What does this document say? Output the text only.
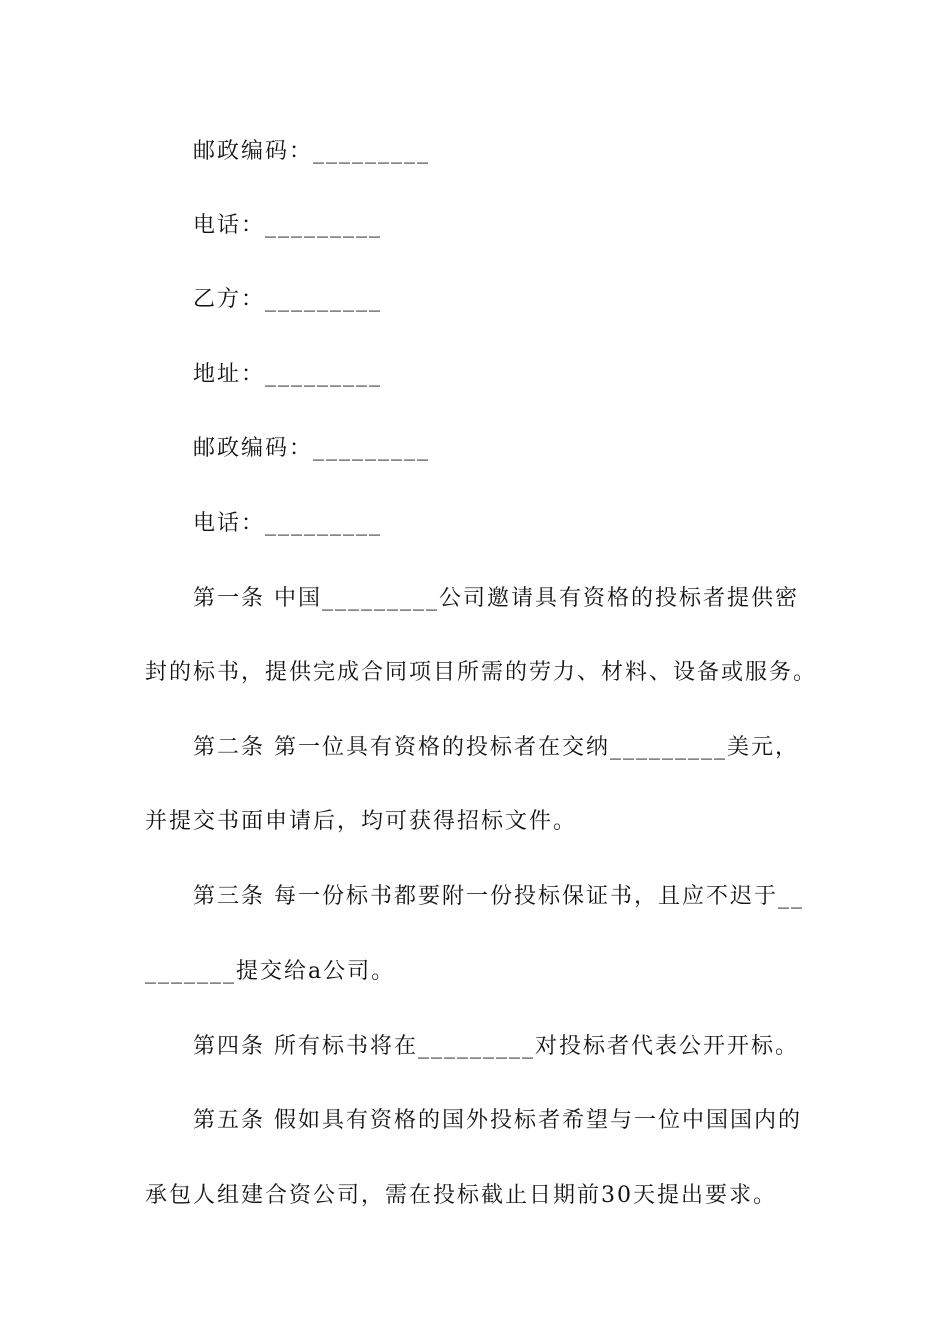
邮政编码：_________
电话：_________
乙方：_________
地址：_________
邮政编码：_________
电话：_________
第一条 中国_________公司邀请具有资格的投标者提供密
封的标书，提供完成合同项目所需的劳力、材料、设备或服务。
第二条 第一位具有资格的投标者在交纳_________美元，
并提交书面申请后，均可获得招标文件。
第三条 每一份标书都要附一份投标保证书，且应不迟于__
_______提交给a公司。
第四条 所有标书将在_________对投标者代表公开开标。
第五条 假如具有资格的国外投标者希望与一位中国国内的
承包人组建合资公司，需在投标截止日期前30天提出要求。
